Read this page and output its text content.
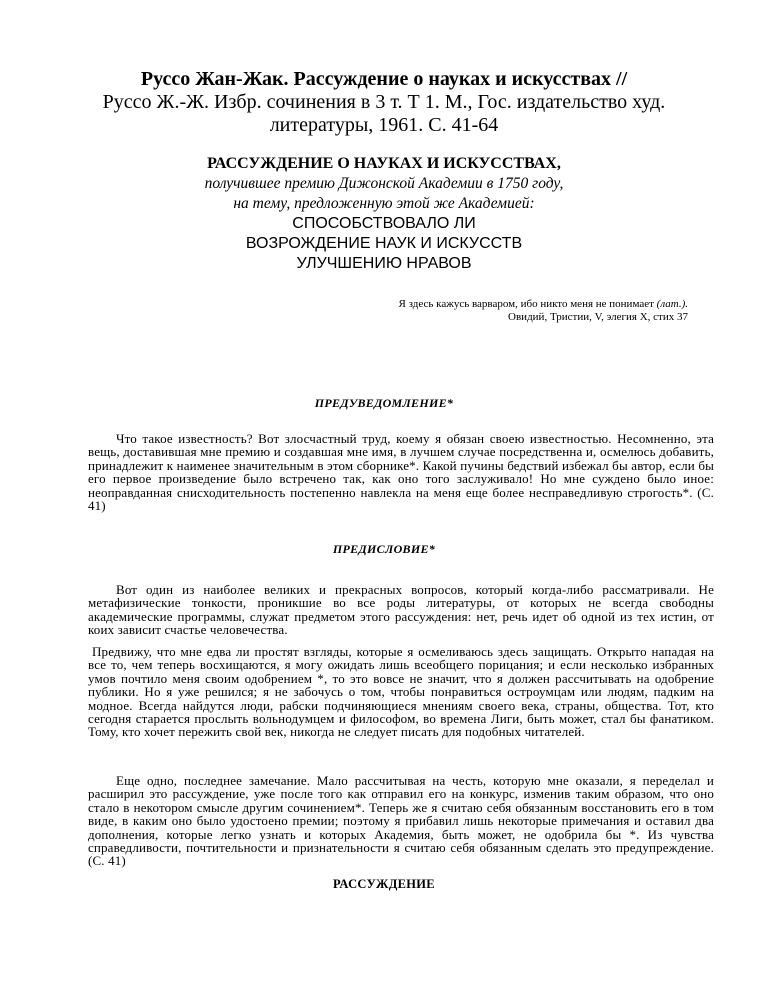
Руссо Жан-Жак. Рассуждение о науках и искусствах //
Руссо Ж.-Ж. Избр. сочинения в 3 т. Т 1. М., Гос. издательство худ.
литературы, 1961. С. 41-64
РАССУЖДЕНИЕ О НАУКАХ И ИСКУССТВАХ,
получившее премию Дижонской Академии в 1750 году,
на тему, предложенную этой же Академией:
СПОСОБСТВОВАЛО ЛИ
ВОЗРОЖДЕНИЕ НАУК И ИСКУССТВ
УЛУЧШЕНИЮ НРАВОВ
Я здесь кажусь варваром, ибо никто меня не понимает (лат.).
Овидий, Тристии, V, элегия X, стих 37
ПРЕДУВЕДОМЛЕНИЕ*
Что такое известность? Вот злосчастный труд, коему я обязан своею известностью. Несомненно, эта вещь, доставившая мне премию и создавшая мне имя, в лучшем случае посредственна и, осмелюсь добавить, принадлежит к наименее значительным в этом сборнике*. Какой пучины бедствий избежал бы автор, если бы его первое произведение было встречено так, как оно того заслуживало! Но мне суждено было иное: неоправданная снисходительность постепенно навлекла на меня еще более несправедливую строгость*. (С. 41)
ПРЕДИСЛОВИЕ*
Вот один из наиболее великих и прекрасных вопросов, который когда-либо рассматривали. Не метафизические тонкости, проникшие во все роды литературы, от которых не всегда свободны академические программы, служат предметом этого рассуждения: нет, речь идет об одной из тех истин, от коих зависит счастье человечества.
Предвижу, что мне едва ли простят взгляды, которые я осмеливаюсь здесь защищать. Открыто нападая на все то, чем теперь восхищаются, я могу ожидать лишь всеобщего порицания; и если несколько избранных умов почтило меня своим одобрением *, то это вовсе не значит, что я должен рассчитывать на одобрение публики. Но я уже решился; я не забочусь о том, чтобы понравиться остроумцам или людям, падким на модное. Всегда найдутся люди, рабски подчиняющиеся мнениям своего века, страны, общества. Тот, кто сегодня старается прослыть вольнодумцем и философом, во времена Лиги, быть может, стал бы фанатиком. Тому, кто хочет пережить свой век, никогда не следует писать для подобных читателей.
Еще одно, последнее замечание. Мало рассчитывая на честь, которую мне оказали, я переделал и расширил это рассуждение, уже после того как отправил его на конкурс, изменив таким образом, что оно стало в некотором смысле другим сочинением*. Теперь же я считаю себя обязанным восстановить его в том виде, в каким оно было удостоено премии; поэтому я прибавил лишь некоторые примечания и оставил два дополнения, которые легко узнать и которых Академия, быть может, не одобрила бы *. Из чувства справедливости, почтительности и признательности я считаю себя обязанным сделать это предупреждение. (С. 41)
РАССУЖДЕНИЕ
